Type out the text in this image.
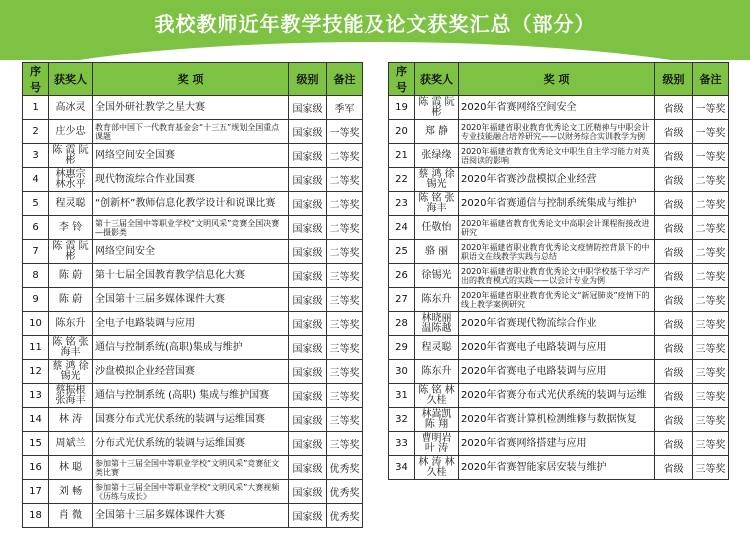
我校教师近年教学技能及论文获奖汇总（部分）
序号	获奖人	奖 项	级别	备注
1	高冰灵	全国外研社教学之星大赛	国家级	季军
2	庄少忠	教育部中国下一代教育基金会“十三五”规划全国重点课题	国家级	一等奖
3	陈 霞 阮 彬	网络空间安全国赛	国家级	二等奖
4	林惠宗 林水平	现代物流综合作业国赛	国家级	二等奖
5	程灵聪	“创新杯”教师信息化教学设计和说课比赛	国家级	二等奖
6	李 铃	第十三届全国中等职业学校“文明风采”竞赛全国决赛—摄影类	国家级	二等奖
7	陈 霞 阮 彬	网络空间安全	国家级	二等奖
8	陈 蔚	第十七届全国教育教学信息化大赛	国家级	三等奖
9	陈 蔚	全国第十三届多媒体课件大赛	国家级	三等奖
10	陈东升	全电子电路装调与应用	国家级	三等奖
11	陈 铭 张海丰	通信与控制系统(高职)集成与维护	国家级	三等奖
12	蔡 鸿 徐锡光	沙盘模拟企业经营国赛	国家级	三等奖
13	蔡振根 张海丰	通信与控制系统 (高职) 集成与维护国赛	国家级	三等奖
14	林 涛	国赛分布式光伏系统的装调与运维国赛	国家级	三等奖
15	周斌兰	分布式光伏系统的装调与运维国赛	国家级	三等奖
16	林 聪	参加第十三届全国中等职业学校“文明风采”竞赛征文类比赛	国家级	优秀奖
17	刘 畅	参加第十三届全国中等职业学校“文明风采”大赛视频《历练与成长》	国家级	优秀奖
18	肖 微	全国第十三届多媒体课件大赛	国家级	优秀奖
序号	获奖人	奖 项	级别	备注
19	陈 霞 阮 彬	2020年省赛网络空间安全	省级	一等奖
20	郑 静	2020年福建省职业教育优秀论文工匠精神与中职会计专业技能融合培养研究——以财务综合实训教学为例	省级	一等奖
21	张绿缘	2020年福建省教育优秀论文中职生自主学习能力对英语阅读的影响	省级	一等奖
22	蔡 鸿 徐锡光	2020年省赛沙盘模拟企业经营	省级	二等奖
23	陈 铭 张海丰	2020年省赛通信与控制系统集成与维护	省级	二等奖
24	任敬怡	2020年福建省教育优秀论文中高职会计课程衔接改进研究	省级	二等奖
25	骆 丽	2020年福建省职业教育优秀论文疫情防控背景下的中职语文在线教学实践与总结	省级	二等奖
26	徐锡光	2020年福建省职业教育优秀论文中职学校基于学习产出的教育模式的实践——以会计专业为例	省级	二等奖
27	陈东升	2020年福建省职业教育优秀论文“新冠肺炎”疫情下的线上教学案例研究	省级	二等奖
28	林晓丽 温陈越	2020年省赛现代物流综合作业	省级	三等奖
29	程灵聪	2020年省赛电子电路装调与应用	省级	三等奖
30	陈东升	2020年省赛电子电路装调与应用	省级	三等奖
31	陈 铭 林久桂	2020年省赛分布式光伏系统的装调与运维	省级	三等奖
32	林嵩凯 陈 翔	2020年省赛计算机检测维修与数据恢复	省级	三等奖
33	曹明岩 叶 涛	2020年省赛网络搭建与应用	省级	三等奖
34	林 涛 林久桂	2020年省赛智能家居安装与维护	省级	三等奖
